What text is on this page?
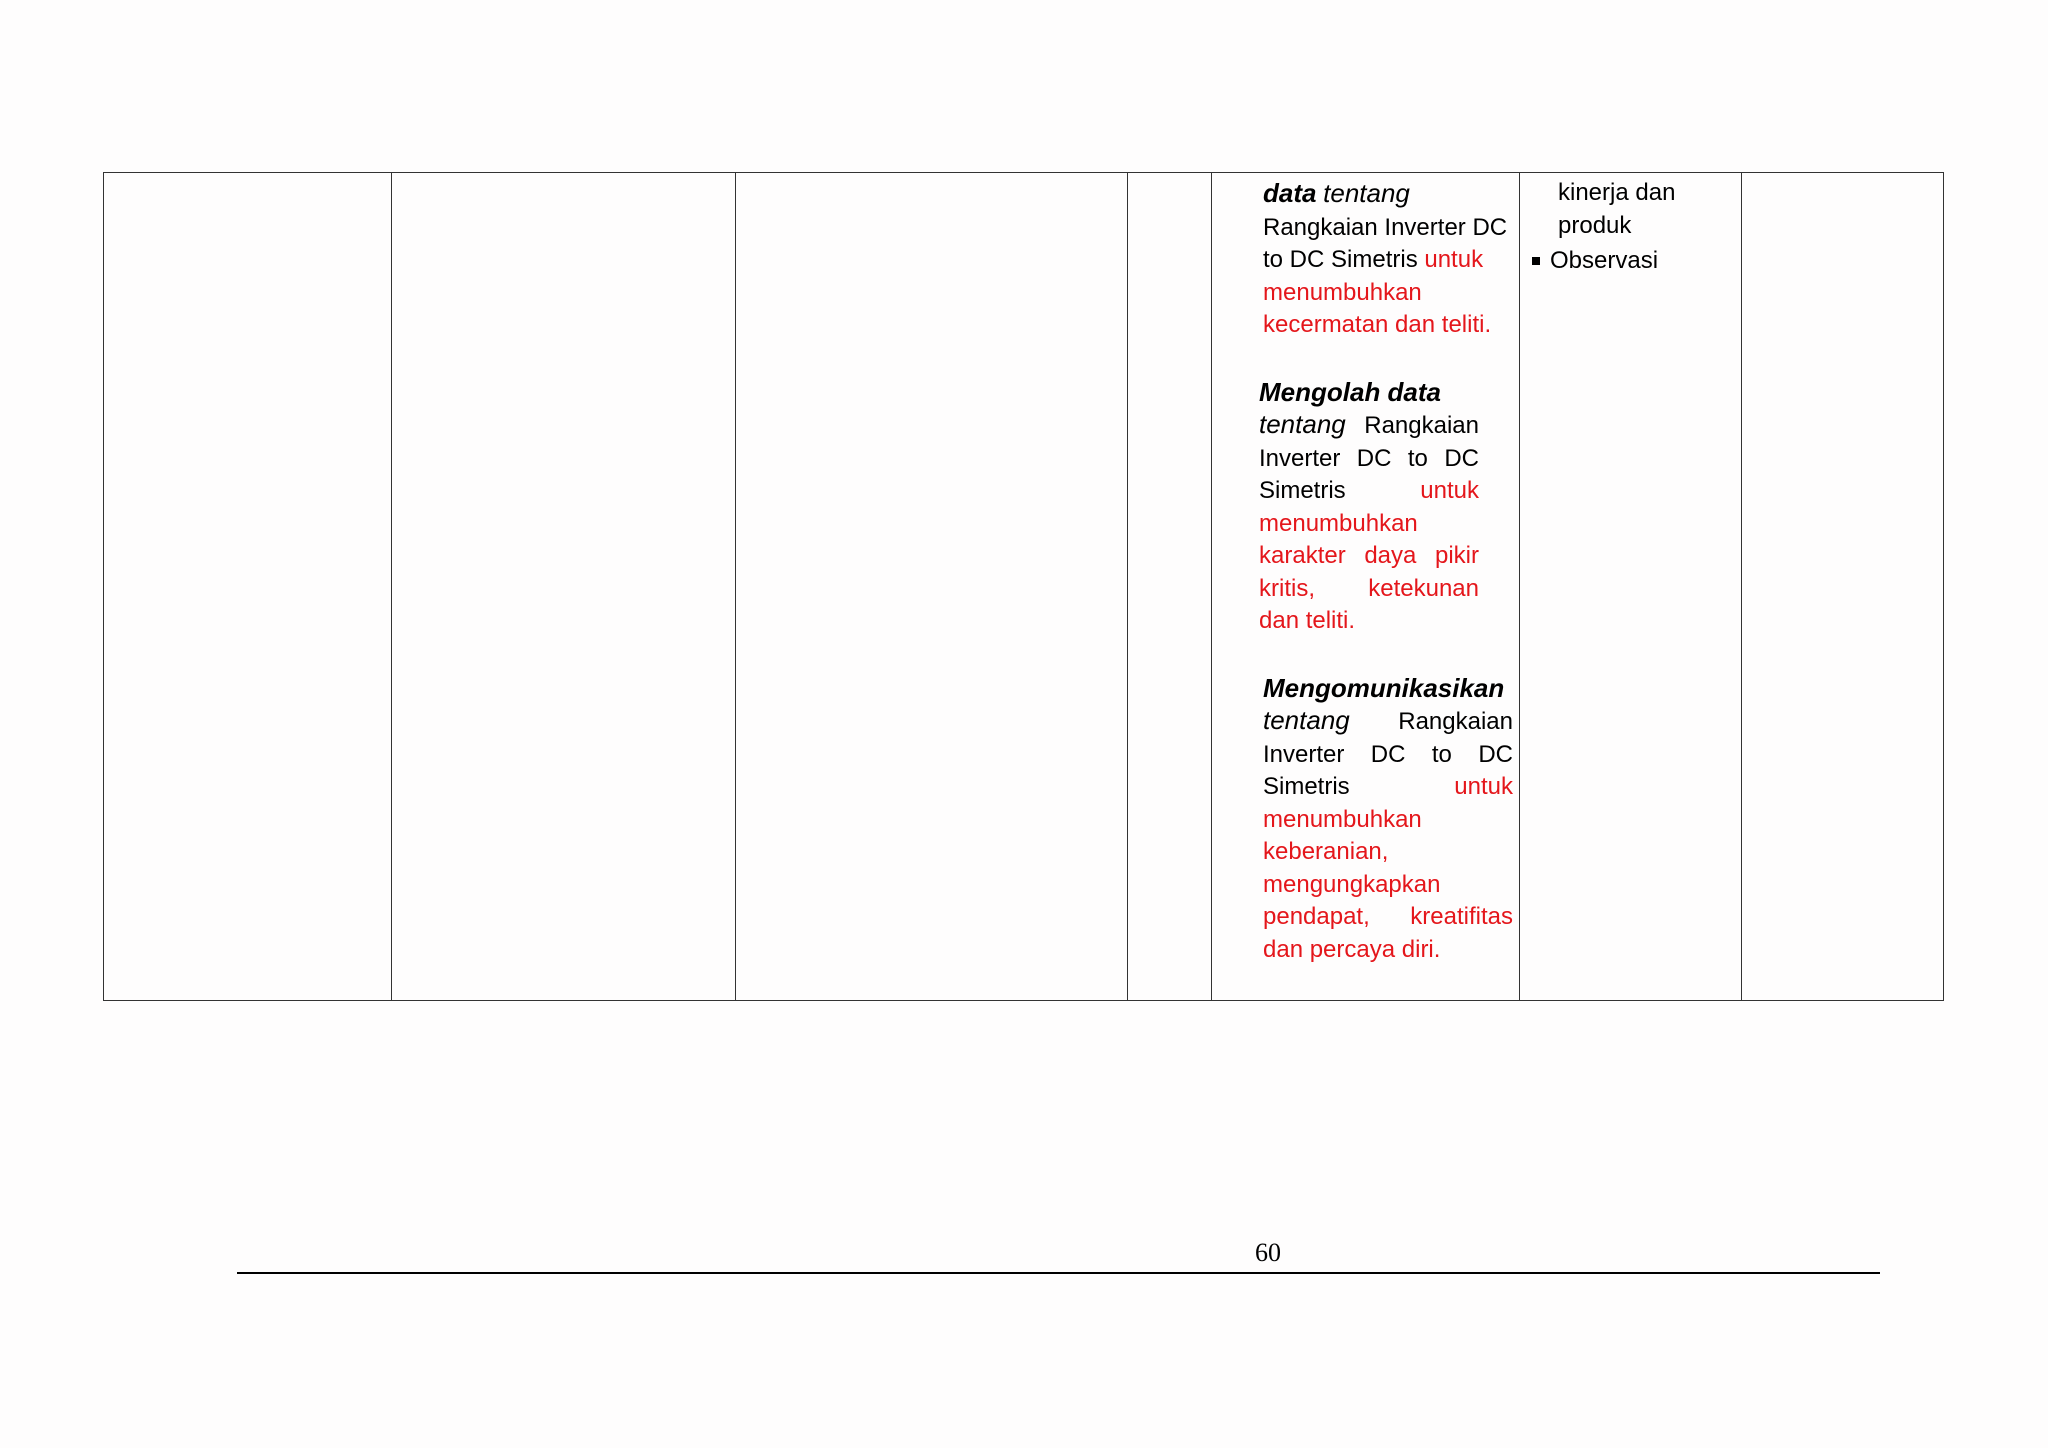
data tentang Rangkaian Inverter DC to DC Simetris untuk menumbuhkan kecermatan dan teliti.
Mengolah data
tentang Rangkaian Inverter DC to DC Simetris	untuk menumbuhkan karakter daya pikir kritis, ketekunan dan teliti.
Mengomunikasikan
tentang Rangkaian Inverter DC to DC Simetris	untuk menumbuhkan keberanian, mengungkapkan pendapat, kreatifitas dan percaya diri.

kinerja dan produk
Observasi

60
